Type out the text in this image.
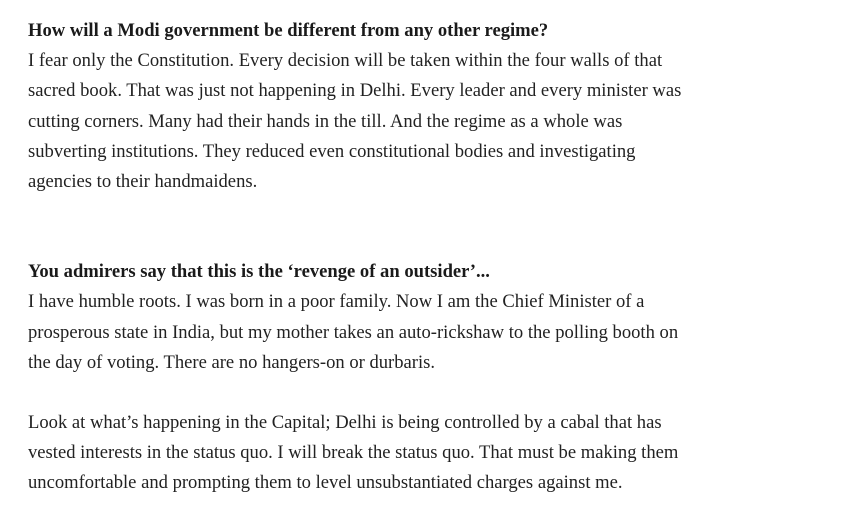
How will a Modi government be different from any other regime?
I fear only the Constitution. Every decision will be taken within the four walls of that
sacred book. That was just not happening in Delhi. Every leader and every minister was
cutting corners. Many had their hands in the till. And the regime as a whole was
subverting institutions. They reduced even constitutional bodies and investigating
agencies to their handmaidens.
You admirers say that this is the ‘revenge of an outsider’...
I have humble roots. I was born in a poor family. Now I am the Chief Minister of a
prosperous state in India, but my mother takes an auto-rickshaw to the polling booth on
the day of voting. There are no hangers-on or durbaris.
Look at what’s happening in the Capital; Delhi is being controlled by a cabal that has
vested interests in the status quo. I will break the status quo. That must be making them
uncomfortable and prompting them to level unsubstantiated charges against me.
